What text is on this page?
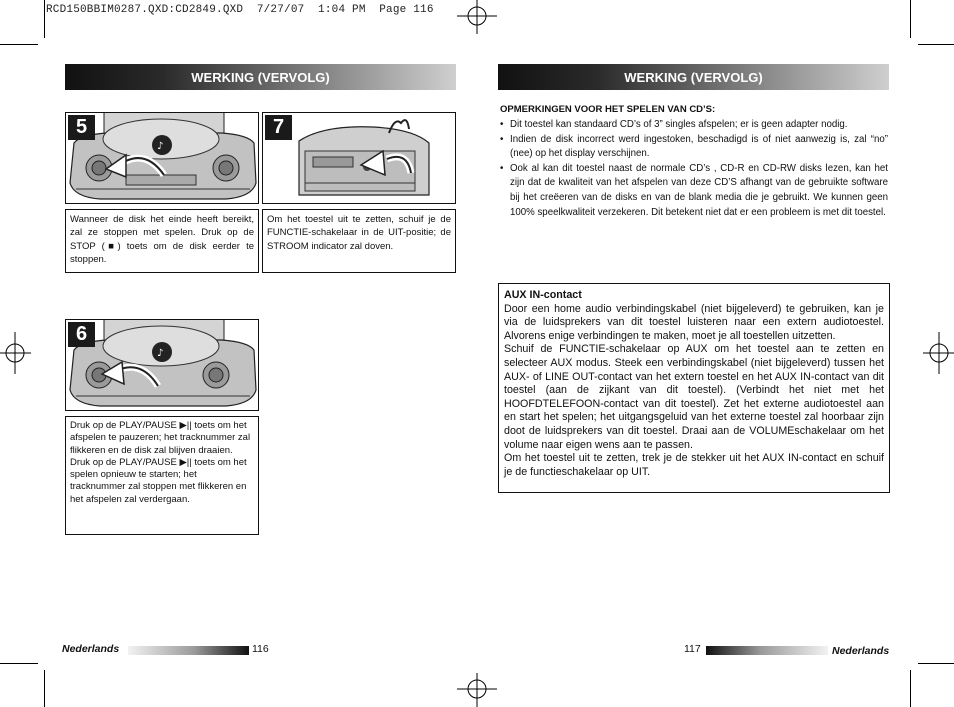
RCD150BBIM0287.QXD:CD2849.QXD  7/27/07  1:04 PM  Page 116
WERKING (VERVOLG)
5
♪
Wanneer de disk het einde heeft bereikt, zal ze stoppen met spelen. Druk op de STOP (■) toets om de disk eerder te stoppen.
7
Om het toestel uit te zetten, schuif je de FUNCTIE-schakelaar in de UIT-positie; de STROOM indicator zal doven.
6
♪
Druk op de PLAY/PAUSE ▶|| toets om het afspelen te pauzeren; het tracknummer zal flikkeren en de disk zal blijven draaien. Druk op de PLAY/PAUSE ▶|| toets om het spelen opnieuw te starten; het tracknummer zal stoppen met flikkeren en het afspelen zal verdergaan.
Nederlands	116
WERKING (VERVOLG)
OPMERKINGEN VOOR HET SPELEN VAN CD’S:
• Dit toestel kan standaard CD’s of 3” singles afspelen; er is geen adapter nodig.
• Indien de disk incorrect werd ingestoken, beschadigd is of niet aanwezig is, zal “no” (nee) op het display verschijnen.
• Ook al kan dit toestel naast de normale CD’s , CD-R en CD-RW disks lezen, kan het zijn dat de kwaliteit van het afspelen van deze CD’S afhangt van de gebruikte software bij het creëeren van de disks en van de blank media die je gebruikt. We kunnen geen 100% speelkwaliteit verzekeren. Dit betekent niet dat er een probleem is met dit toestel.
AUX IN-contact
Door een home audio verbindingskabel (niet bijgeleverd) te gebruiken, kan je via de luidsprekers van dit toestel luisteren naar een extern audiotoestel. Alvorens enige verbindingen te maken, moet je all toestellen uitzetten.
Schuif de FUNCTIE-schakelaar op AUX om het toestel aan te zetten en selecteer AUX modus. Steek een verbindingskabel (niet bijgeleverd) tussen het AUX- of LINE OUT-contact van het extern toestel en het AUX IN-contact van dit toestel (aan de zijkant van dit toestel). (Verbindt het niet met het HOOFDTELEFOON-contact van dit toestel). Zet het externe audiotoestel aan en start het spelen; het uitgangsgeluid van het externe toestel zal hoorbaar zijn doot de luidsprekers van dit toestel. Draai aan de VOLUMEschakelaar om het volume naar eigen wens aan te passen.
Om het toestel uit te zetten, trek je de stekker uit het AUX IN-contact en schuif je de functieschakelaar op UIT.
117	Nederlands
